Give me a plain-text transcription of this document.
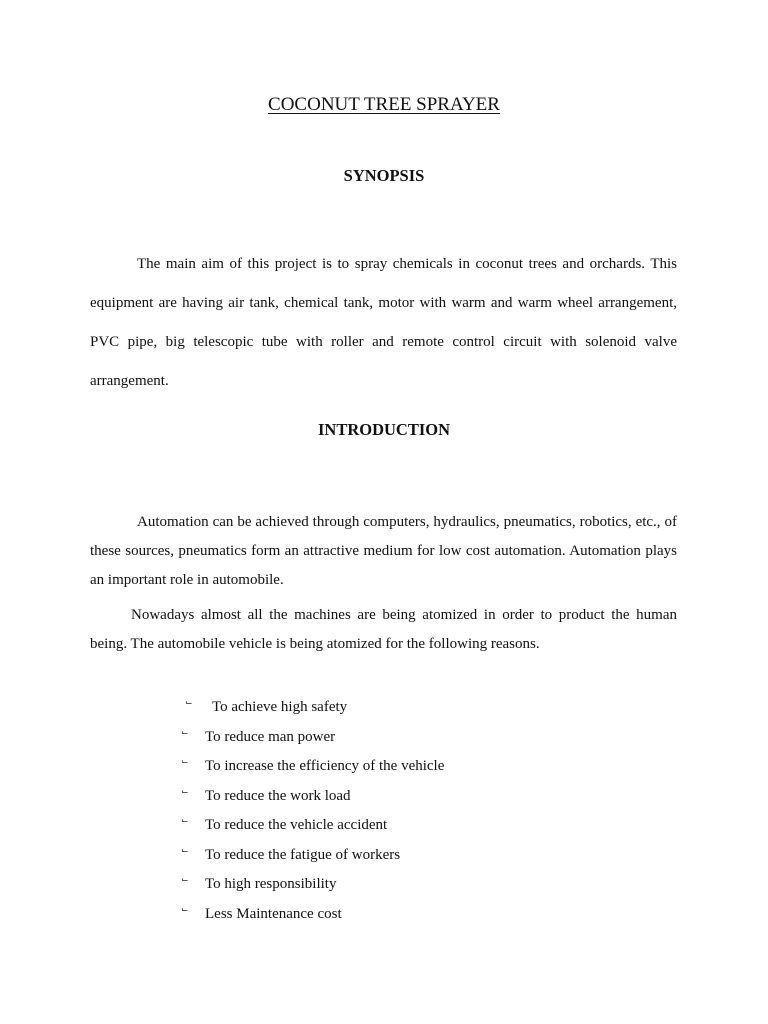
COCONUT TREE SPRAYER
SYNOPSIS

The main aim of this project is to spray chemicals in coconut trees and orchards. This equipment are having air tank, chemical tank, motor with warm and warm wheel arrangement, PVC pipe, big telescopic tube with roller and remote control circuit with solenoid valve arrangement.

INTRODUCTION

Automation can be achieved through computers, hydraulics, pneumatics, robotics, etc., of these sources, pneumatics form an attractive medium for low cost automation. Automation plays an important role in automobile.

Nowadays almost all the machines are being atomized in order to product the human being. The automobile vehicle is being atomized for the following reasons.

⌙	To achieve high safety
⌙	To reduce man power
⌙	To increase the efficiency of the vehicle
⌙	To reduce the work load
⌙	To reduce the vehicle accident
⌙	To reduce the fatigue of workers
⌙	To high responsibility
⌙	Less Maintenance cost
